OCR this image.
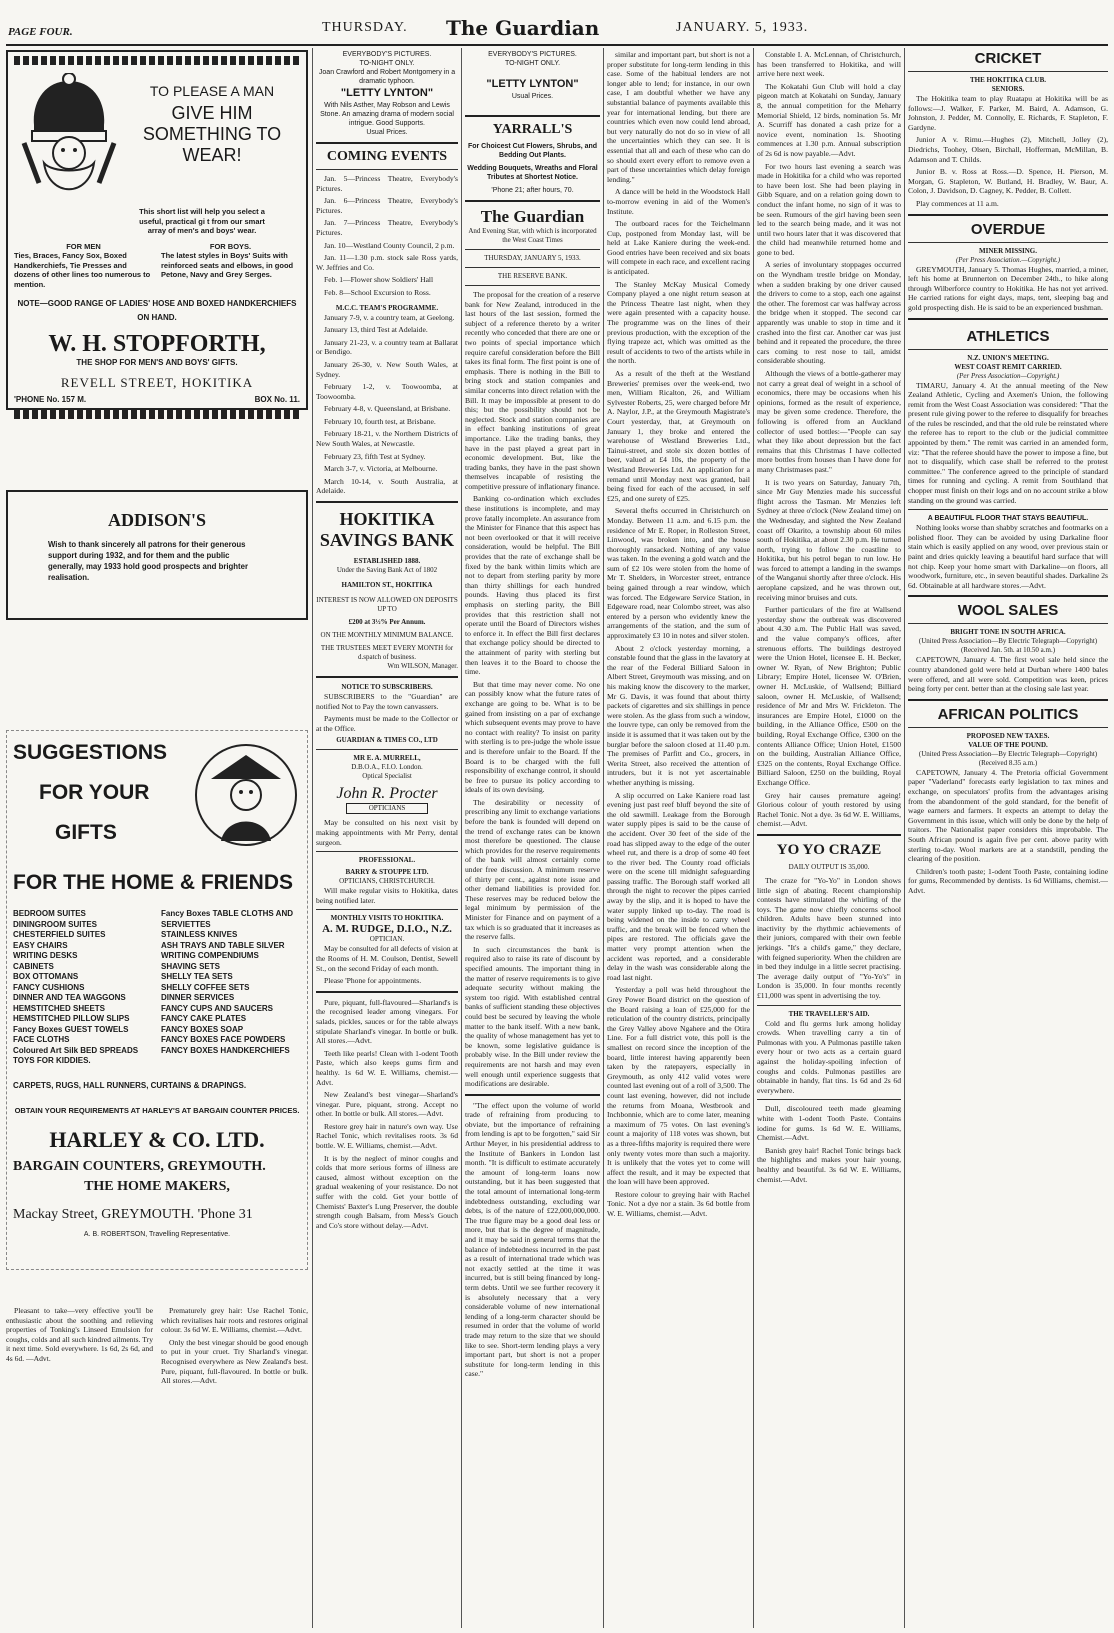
PAGE FOUR.	THURSDAY. The Guardian	JANUARY. 5, 1933.
TO PLEASE A MAN
GIVE HIM
SOMETHING TO
WEAR!
This short list will help you select a useful, practical gi t from our smart array of men's and boys' wear.
FOR MEN
Ties, Braces, Fancy Sox, Boxed Handkerchiefs, Tie Presses and dozens of other lines too numerous to mention.
FOR BOYS.
The latest styles in Boys' Suits with reinforced seats and elbows, in good Petone, Navy and Grey Serges.
NOTE—GOOD RANGE OF LADIES' HOSE AND BOXED HANDKERCHIEFS ON HAND.
W. H. STOPFORTH,
THE SHOP FOR MEN'S AND BOYS' GIFTS.
REVELL STREET, HOKITIKA
'PHONE No. 157 M.	BOX No. 11.
ADDISON'S
Wish to thank sincerely all patrons for their generous support during 1932, and for them and the public generally, may 1933 hold good prospects and brighter realisation.
SUGGESTIONS
FOR YOUR
GIFTS
FOR THE HOME & FRIENDS
BEDROOM SUITES
DININGROOM SUITES
CHESTERFIELD SUITES
EASY CHAIRS
WRITING DESKS
CABINETS
BOX OTTOMANS
FANCY CUSHIONS
DINNER AND TEA WAGGONS
HEMSTITCHED SHEETS
HEMSTITCHED PILLOW SLIPS
Fancy Boxes GUEST TOWELS
FACE CLOTHS
Coloured Art Silk BED SPREADS
TOYS FOR KIDDIES.
Fancy Boxes TABLE CLOTHS AND SERVIETTES
STAINLESS KNIVES
ASH TRAYS AND TABLE SILVER
WRITING COMPENDIUMS
SHAVING SETS
SHELLY TEA SETS
SHELLY COFFEE SETS
DINNER SERVICES
FANCY CUPS AND SAUCERS
FANCY CAKE PLATES
FANCY BOXES SOAP
FANCY BOXES FACE POWDERS
FANCY BOXES HANDKERCHIEFS
CARPETS, RUGS, HALL RUNNERS, CURTAINS & DRAPINGS.
OBTAIN YOUR REQUIREMENTS AT HARLEY'S AT BARGAIN COUNTER PRICES.
HARLEY & CO. LTD.
BARGAIN COUNTERS, GREYMOUTH.
THE HOME MAKERS,
Mackay Street, GREYMOUTH. 'Phone 31
A. B. ROBERTSON, Travelling Representative.

Pleasant to take—very effective you'll be enthusiastic about the soothing and relieving properties of Tonking's Linseed Emulsion for coughs, colds and all such kindred ailments. Try it next time. Sold everywhere. 1s 6d, 2s 6d, and 4s 6d. —Advt.

Prematurely grey hair: Use Rachel Tonic, which revitalises hair roots and restores original colour. 3s 6d W. E. Williams, chemist.—Advt.

Only the best vinegar should be good enough to put in your cruet. Try Sharland's vinegar. Recognised everywhere as New Zealand's best. Pure, piquant, full-flavoured. In bottle or bulk. All stores.—Advt.

EVERYBODY'S PICTURES.
TO-NIGHT ONLY.
Joan Crawford and Robert Montgomery in a dramatic typhoon.
"LETTY LYNTON"
With Nils Asther, May Robson and Lewis Stone. An amazing drama of modern social intrigue. Good Supports.
Usual Prices.
COMING EVENTS

Jan. 5—Princess Theatre, Everybody's Pictures.

Jan. 6—Princess Theatre, Everybody's Pictures.

Jan. 7—Princess Theatre, Everybody's Pictures.

Jan. 10—Westland County Council, 2 p.m.

Jan. 11—1.30 p.m. stock sale Ross yards, W. Jeffries and Co.

Feb. 1—Flower show Soldiers' Hall

Feb. 8—School Excursion to Ross.

M.C.C. TEAM'S PROGRAMME.

January 7-9, v. a country team, at Geelong.

January 13, third Test at Adelaide.

January 21-23, v. a country team at Ballarat or Bendigo.

January 26-30, v. New South Wales, at Sydney.

February 1-2, v. Toowoomba, at Toowoomba.

February 4-8, v. Queensland, at Brisbane.

February 10, fourth test, at Brisbane.

February 18-21, v. the Northern Districts of New South Wales, at Newcastle.

February 23, fifth Test at Sydney.

March 3-7, v. Victoria, at Melbourne.

March 10-14, v. South Australia, at Adelaide.

HOKITIKA
SAVINGS BANK
ESTABLISHED 1888.
Under the Saving Bank Act of 1802
HAMILTON ST., HOKITIKA
INTEREST IS NOW ALLOWED ON DEPOSITS UP TO
£200 at 3½% Per Annum.
ON THE MONTHLY MINIMUM BALANCE.
THE TRUSTEES MEET EVERY MONTH for d.spatch of business.
Wm WILSON, Manager.
NOTICE TO SUBSCRIBERS.

SUBSCRIBERS to the "Guardian" are notified Not to Pay the town canvassers.

Payments must be made to the Collector or at the Office.

GUARDIAN & TIMES CO., LTD
MR E. A. MURRELL,
D.B.O.A., F.I.O. London.
Optical Specialist
John R. Procter
OPTICIANS

May be consulted on his next visit by making appointments with Mr Perry, dental surgeon.

PROFESSIONAL.
BARRY & STOUPPE LTD.
OPTICIANS, CHRISTCHURCH.

Will make regular visits to Hokitika, dates being notified later.

MONTHLY VISITS TO HOKITIKA.
A. M. RUDGE, D.I.O., N.Z.
OPTICIAN.

May be consulted for all defects of vision at the Rooms of H. M. Coulson, Dentist, Sewell St., on the second Friday of each month.

Please 'Phone for appointments.

Pure, piquant, full-flavoured—Sharland's is the recognised leader among vinegars. For salads, pickles, sauces or for the table always stipulate Sharland's vinegar. In bottle or bulk. All stores.—Advt.

Teeth like pearls! Clean with 1-odent Tooth Paste, which also keeps gums firm and healthy. 1s 6d W. E. Williams, chemist.—Advt.

New Zealand's best vinegar—Sharland's vinegar. Pure, piquant, strong. Accept no other. In bottle or bulk. All stores.—Advt.

Restore grey hair in nature's own way. Use Rachel Tonic, which revitalises roots. 3s 6d bottle. W. E. Williams, chemist.—Advt.

It is by the neglect of minor coughs and colds that more serious forms of illness are caused, almost without exception on the gradual weakening of your resistance. Do not suffer with the cold. Get your bottle of Chemists' Baxter's Lung Preserver, the double strength cough Balsam, from Mess's Gouch and Co's store without delay.—Advt.

EVERYBODY'S PICTURES.
TO-NIGHT ONLY.
"LETTY LYNTON"
Usual Prices.
YARRALL'S
For Choicest Cut Flowers, Shrubs, and Bedding Out Plants.
Wedding Bouquets, Wreaths and Floral Tributes at Shortest Notice.
'Phone 21; after hours, 70.
The Guardian
And Evening Star, with which is incorporated the West Coast Times
THURSDAY, JANUARY 5, 1933.
THE RESERVE BANK.

The proposal for the creation of a reserve bank for New Zealand, introduced in the last hours of the last session, formed the subject of a reference thereto by a writer recently who conceded that there are one or two points of special importance which require careful consideration before the Bill takes its final form. The first point is one of emphasis. There is nothing in the Bill to bring stock and station companies and similar concerns into direct relation with the Bill. It may be impossible at present to do this; but the possibility should not be neglected. Stock and station companies are in effect banking institutions of great importance. Like the trading banks, they have in the past played a great part in economic development. But, like the trading banks, they have in the past shown themselves incapable of resisting the competitive pressure of inflationary finance.

Banking co-ordination which excludes these institutions is incomplete, and may prove fatally incomplete. An assurance from the Minister for Finance that this aspect has not been overlooked or that it will receive consideration, would be helpful. The Bill provides that the rate of exchange shall be fixed by the bank within limits which are not to depart from sterling parity by more than thirty shillings for each hundred pounds. Having thus placed its first emphasis on sterling parity, the Bill provides that this restriction shall not operate until the Board of Directors wishes to enforce it. In effect the Bill first declares that exchange policy should be directed to the attainment of parity with sterling but then leaves it to the Board to choose the time.

But that time may never come. No one can possibly know what the future rates of exchange are going to be. What is to be gained from insisting on a par of exchange which subsequent events may prove to have no contact with reality? To insist on parity with sterling is to pre-judge the whole issue and is therefore unfair to the Board. If the Board is to be charged with the full responsibility of exchange control, it should be free to pursue its policy according to ideals of its own devising.

The desirability or necessity of prescribing any limit to exchange variations before the bank is founded will depend on the trend of exchange rates can be known most therefore be questioned. The clause which provides for the reserve requirements of the bank will almost certainly come under free discussion. A minimum reserve of thirty per cent., against note issue and other demand liabilities is provided for. These reserves may be reduced below the legal minimum by permission of the Minister for Finance and on payment of a tax which is so graduated that it increases as the reserve falls.

In such circumstances the bank is required also to raise its rate of discount by specified amounts. The important thing in the matter of reserve requirements is to give adequate security without making the system too rigid. With established central banks of sufficient standing these objectives could best be secured by leaving the whole matter to the bank itself. With a new bank, the quality of whose management has yet to be known, some legislative guidance is probably wise. In the Bill under review the requirements are not harsh and may even well enough until experience suggests that modifications are desirable.

"The effect upon the volume of world trade of refraining from producing to obviate, but the importance of refraining from lending is apt to be forgotten," said Sir Arthur Meyer, in his presidential address to the Institute of Bankers in London last month. "It is difficult to estimate accurately the amount of long-term loans now outstanding, but it has been suggested that the total amount of international long-term indebtedness outstanding, excluding war debts, is of the nature of £22,000,000,000. The true figure may be a good deal less or more, but that is the degree of magnitude, and it may be said in general terms that the balance of indebtedness incurred in the past as a result of international trade which was not exactly settled at the time it was incurred, but is still being financed by long-term debts. Until we see further recovery it is absolutely necessary that a very considerable volume of new international lending of a long-term character should be resumed in order that the volume of world trade may return to the size that we should like to see. Short-term lending plays a very important part, but short is not a proper substitute for long-term lending in this case."

similar and important part, but short is not a proper substitute for long-term lending in this case. Some of the habitual lenders are not longer able to lend; for instance, in our own case, I am doubtful whether we have any substantial balance of payments available this year for international lending, but there are countries which even now could lend abroad, but very naturally do not do so in view of all the uncertainties which they can see. It is essential that all and each of these who can do so should exert every effort to remove even a part of these uncertainties which delay foreign lending."

A dance will be held in the Woodstock Hall to-morrow evening in aid of the Women's Institute.

The outboard races for the Teichelmann Cup, postponed from Monday last, will be held at Lake Kaniere during the week-end. Good entries have been received and six boats will compete in each race, and excellent racing is anticipated.

The Stanley McKay Musical Comedy Company played a one night return season at the Princess Theatre last night, when they were again presented with a capacity house. The programme was on the lines of their previous production, with the exception of the flying trapeze act, which was omitted as the result of accidents to two of the artists while in the north.

As a result of the theft at the Westland Breweries' premises over the week-end, two men, William Ricalton, 26, and William Sylvester Roberts, 25, were charged before Mr A. Naylor, J.P., at the Greymouth Magistrate's Court yesterday, that, at Greymouth on January 1, they broke and entered the warehouse of Westland Breweries Ltd., Tainui-street, and stole six dozen bottles of beer, valued at £4 10s, the property of the Westland Breweries Ltd. An application for a remand until Monday next was granted, bail being fixed for each of the accused, in self £25, and one surety of £25.

Several thefts occurred in Christchurch on Monday. Between 11 a.m. and 6.15 p.m. the residence of Mr E. Roper, in Rolleston Street, Linwood, was broken into, and the house thoroughly ransacked. Nothing of any value was taken. In the evening a gold watch and the sum of £2 10s were stolen from the home of Mr T. Shelders, in Worcester street, entrance being gained through a rear window, which was forced. The Edgeware Service Station, in Edgeware road, near Colombo street, was also entered by a person who evidently knew the arrangements of the station, and the sum of approximately £3 10 in notes and silver stolen.

About 2 o'clock yesterday morning, a constable found that the glass in the lavatory at the rear of the Federal Billiard Saloon in Albert Street, Greymouth was missing, and on his making know the discovery to the marker, Mr G. Davis, it was found that about thirty packets of cigarettes and six shillings in pence were stolen. As the glass from such a window, the louvre type, can only be removed from the inside it is assumed that it was taken out by the burglar before the saloon closed at 11.40 p.m. The premises of Parfitt and Co., grocers, in Werita Street, also received the attention of intruders, but it is not yet ascertainable whether anything is missing.

A slip occurred on Lake Kaniere road last evening just past reef bluff beyond the site of the old sawmill. Leakage from the Borough water supply pipes is said to be the cause of the accident. Over 30 feet of the side of the road has slipped away to the edge of the outer wheel rut, and there is a drop of some 40 feet to the river bed. The County road officials were on the scene till midnight safeguarding passing traffic. The Borough staff worked all through the night to recover the pipes carried away by the slip, and it is hoped to have the water supply linked up to-day. The road is being widened on the inside to carry wheel traffic, and the break will be fenced when the pipes are restored. The officials gave the matter very prompt attention when the accident was reported, and a considerable delay in the wash was considerable along the road last night.

Yesterday a poll was held throughout the Grey Power Board district on the question of the Board raising a loan of £25,000 for the reticulation of the country districts, principally the Grey Valley above Ngahere and the Otira Line. For a full district vote, this poll is the smallest on record since the inception of the board, little interest having apparently been taken by the ratepayers, especially in Greymouth, as only 412 valid votes were counted last evening out of a roll of 3,500. The count last evening, however, did not include the returns from Moana, Westbrook and Inchbonnie, which are to come later, meaning a maximum of 75 votes. On last evening's count a majority of 118 votes was shown, but as a three-fifths majority is required there were only twenty votes more than such a majority. It is unlikely that the votes yet to come will affect the result, and it may be expected that the loan will have been approved.

Restore colour to greying hair with Rachel Tonic. Not a dye nor a stain. 3s 6d bottle from W. E. Williams, chemist.—Advt.

Constable I. A. McLennan, of Christchurch, has been transferred to Hokitika, and will arrive here next week.

The Kokatahi Gun Club will hold a clay pigeon match at Kokatahi on Sunday, January 8, the annual competition for the Meharry Memorial Shield, 12 birds, nomination 5s. Mr A. Scurriff has donated a cash prize for a novice event, nomination 1s. Shooting commences at 1.30 p.m. Annual subscription of 2s 6d is now payable.—Advt.

For two hours last evening a search was made in Hokitika for a child who was reported to have been lost. She had been playing in Gibb Square, and on a relation going down to conduct the infant home, no sign of it was to be seen. Rumours of the girl having been seen led to the search being made, and it was not until two hours later that it was discovered that the child had meanwhile returned home and gone to bed.

A series of involuntary stoppages occurred on the Wyndham trestle bridge on Monday, when a sudden braking by one driver caused the drivers to come to a stop, each one against the other. The foremost car was halfway across the bridge when it stopped. The second car apparently was unable to stop in time and it crashed into the first car. Another car was just behind and it repeated the procedure, the three cars coming to rest nose to tail, amidst considerable shouting.

Although the views of a bottle-gatherer may not carry a great deal of weight in a school of economics, there may be occasions when his opinions, formed as the result of experience, may be given some credence. Therefore, the following is offered from an Auckland collector of used bottles:—"People can say what they like about depression but the fact remains that this Christmas I have collected more bottles from houses than I have done for many Christmases past."

It is two years on Saturday, January 7th, since Mr Guy Menzies made his successful flight across the Tasman. Mr Menzies left Sydney at three o'clock (New Zealand time) on the Wednesday, and sighted the New Zealand coast off Okarito, a township about 60 miles south of Hokitika, at about 2.30 p.m. He turned north, trying to follow the coastline to Hokitika, but his petrol began to run low. He was forced to attempt a landing in the swamps of the Wanganui shortly after three o'clock. His aeroplane capsized, and he was thrown out, receiving minor bruises and cuts.

Further particulars of the fire at Wallsend yesterday show the outbreak was discovered about 4.30 a.m. The Public Hall was saved, and the value company's offices, after strenuous efforts. The buildings destroyed were the Union Hotel, licensee E. H. Becker, owner W. Ryan, of New Brighton; Public Library; Empire Hotel, licensee W. O'Brien, owner H. McLuskie, of Wallsend; Billiard saloon, owner H. McLuskie, of Wallsend; residence of Mr and Mrs W. Frickleton. The insurances are Empire Hotel, £1000 on the building, in the Alliance Office, £500 on the building, Royal Exchange Office, £300 on the contents Alliance Office; Union Hotel, £1500 on the building, Australian Alliance Office, £325 on the contents, Royal Exchange Office. Billiard Saloon, £250 on the building, Royal Exchange Office.

Grey hair causes premature ageing! Glorious colour of youth restored by using Rachel Tonic. Not a dye. 3s 6d W. E. Williams, chemist.—Advt.

YO YO CRAZE
DAILY OUTPUT IS 35,000.

The craze for "Yo-Yo" in London shows little sign of abating. Recent championship contests have stimulated the whirling of the toys. The game now chiefly concerns school children. Adults have been stunned into inactivity by the rhythmic achievements of their juniors, compared with their own feeble jerkings. "It's a child's game," they declare, with feigned superiority. When the children are in bed they indulge in a little secret practising. The average daily output of "Yo-Yo's" in London is 35,000. In four months recently £11,000 was spent in advertising the toy.

THE TRAVELLER'S AID.

Cold and flu germs lurk among holiday crowds. When travelling carry a tin of Pulmonas with you. A Pulmonas pastille taken every hour or two acts as a certain guard against the holiday-spoiling infection of coughs and colds. Pulmonas pastilles are obtainable in handy, flat tins. 1s 6d and 2s 6d everywhere.

Dull, discoloured teeth made gleaming white with 1-odent Tooth Paste. Contains iodine for gums. 1s 6d W. E. Williams, Chemist.—Advt.

Banish grey hair! Rachel Tonic brings back the highlights and makes your hair young, healthy and beautiful. 3s 6d W. E. Williams, chemist.—Advt.

CRICKET
THE HOKITIKA CLUB.
SENIORS.

The Hokitika team to play Ruatapu at Hokitika will be as follows:—J. Walker, F. Parker, M. Baird, A. Adamson, G. Johnston, J. Pedder, M. Connolly, E. Richards, F. Stapleton, F. Gardyne.

Junior A v. Rimu.—Hughes (2), Mitchell, Jolley (2), Diedrichs, Toohey, Olsen, Birchall, Hofferman, McMillan, B. Adamson and T. Childs.

Junior B. v. Ross at Ross.—D. Spence, H. Pierson, M. Morgan, G. Stapleton, W. Butland, H. Bradley, W. Baur, A. Colon, J. Davidson, D. Cagney, K. Pedder, B. Collett.

Play commences at 11 a.m.

OVERDUE
MINER MISSING.
(Per Press Association.—Copyright.)

GREYMOUTH, January 5. Thomas Hughes, married, a miner, left his home at Brunnerton on December 24th., to hike along through Wilberforce country to Hokitika. He has not yet arrived. He carried rations for eight days, maps, tent, sleeping bag and gold prospecting dish. He is said to be an experienced bushman.

ATHLETICS
N.Z. UNION'S MEETING.
WEST COAST REMIT CARRIED.
(Per Press Association—Copyright.)

TIMARU, January 4. At the annual meeting of the New Zealand Athletic, Cycling and Axemen's Union, the following remit from the West Coast Association was considered: "That the present rule giving power to the referee to disqualify for breaches of the rules be rescinded, and that the old rule be reinstated where the referee has to report to the club or the judicial committee appointed by them." The remit was carried in an amended form, viz: "That the referee should have the power to impose a fine, but not to disqualify, which case shall be referred to the protest committee." The conference agreed to the principle of standard times for running and cycling. A remit from Southland that chopper must finish on their logs and on no account strike a blow standing on the ground was carried.

A BEAUTIFUL FLOOR THAT STAYS BEAUTIFUL.

Nothing looks worse than shabby scratches and footmarks on a polished floor. They can be avoided by using Darkaline floor stain which is easily applied on any wood, over previous stain or paint and dries quickly leaving a beautiful hard surface that will not chip. Keep your home smart with Darkaline—on floors, all woodwork, furniture, etc., in seven beautiful shades. Darkaline 2s 6d. Obtainable at all hardware stores.—Advt.

WOOL SALES
BRIGHT TONE IN SOUTH AFRICA.
(United Press Association—By Electric Telegraph—Copyright)
(Received Jan. 5th. at 10.50 a.m.)

CAPETOWN, January 4. The first wool sale held since the country abandoned gold were held at Durban where 1400 bales were offered, and all were sold. Competition was keen, prices being forty per cent. better than at the closing sale last year.

AFRICAN POLITICS
PROPOSED NEW TAXES.
VALUE OF THE POUND.
(United Press Association—By Electric Telegraph—Copyright)
(Received 8.35 a.m.)

CAPETOWN, January 4. The Pretoria official Government paper "Vaderland" forecasts early legislation to tax mines and exchange, on speculators' profits from the advantages arising from the abandonment of the gold standard, for the benefit of wage earners and farmers. It expects an attempt to delay the Government in this issue, which will only be done by the help of traitors. The Nationalist paper considers this improbable. The South African pound is again five per cent. above parity with sterling to-day. Wool markets are at a standstill, pending the clearing of the position.

Children's tooth paste; 1-odent Tooth Paste, containing iodine for gums, Recommended by dentists. 1s 6d Williams, chemist.—Advt.
